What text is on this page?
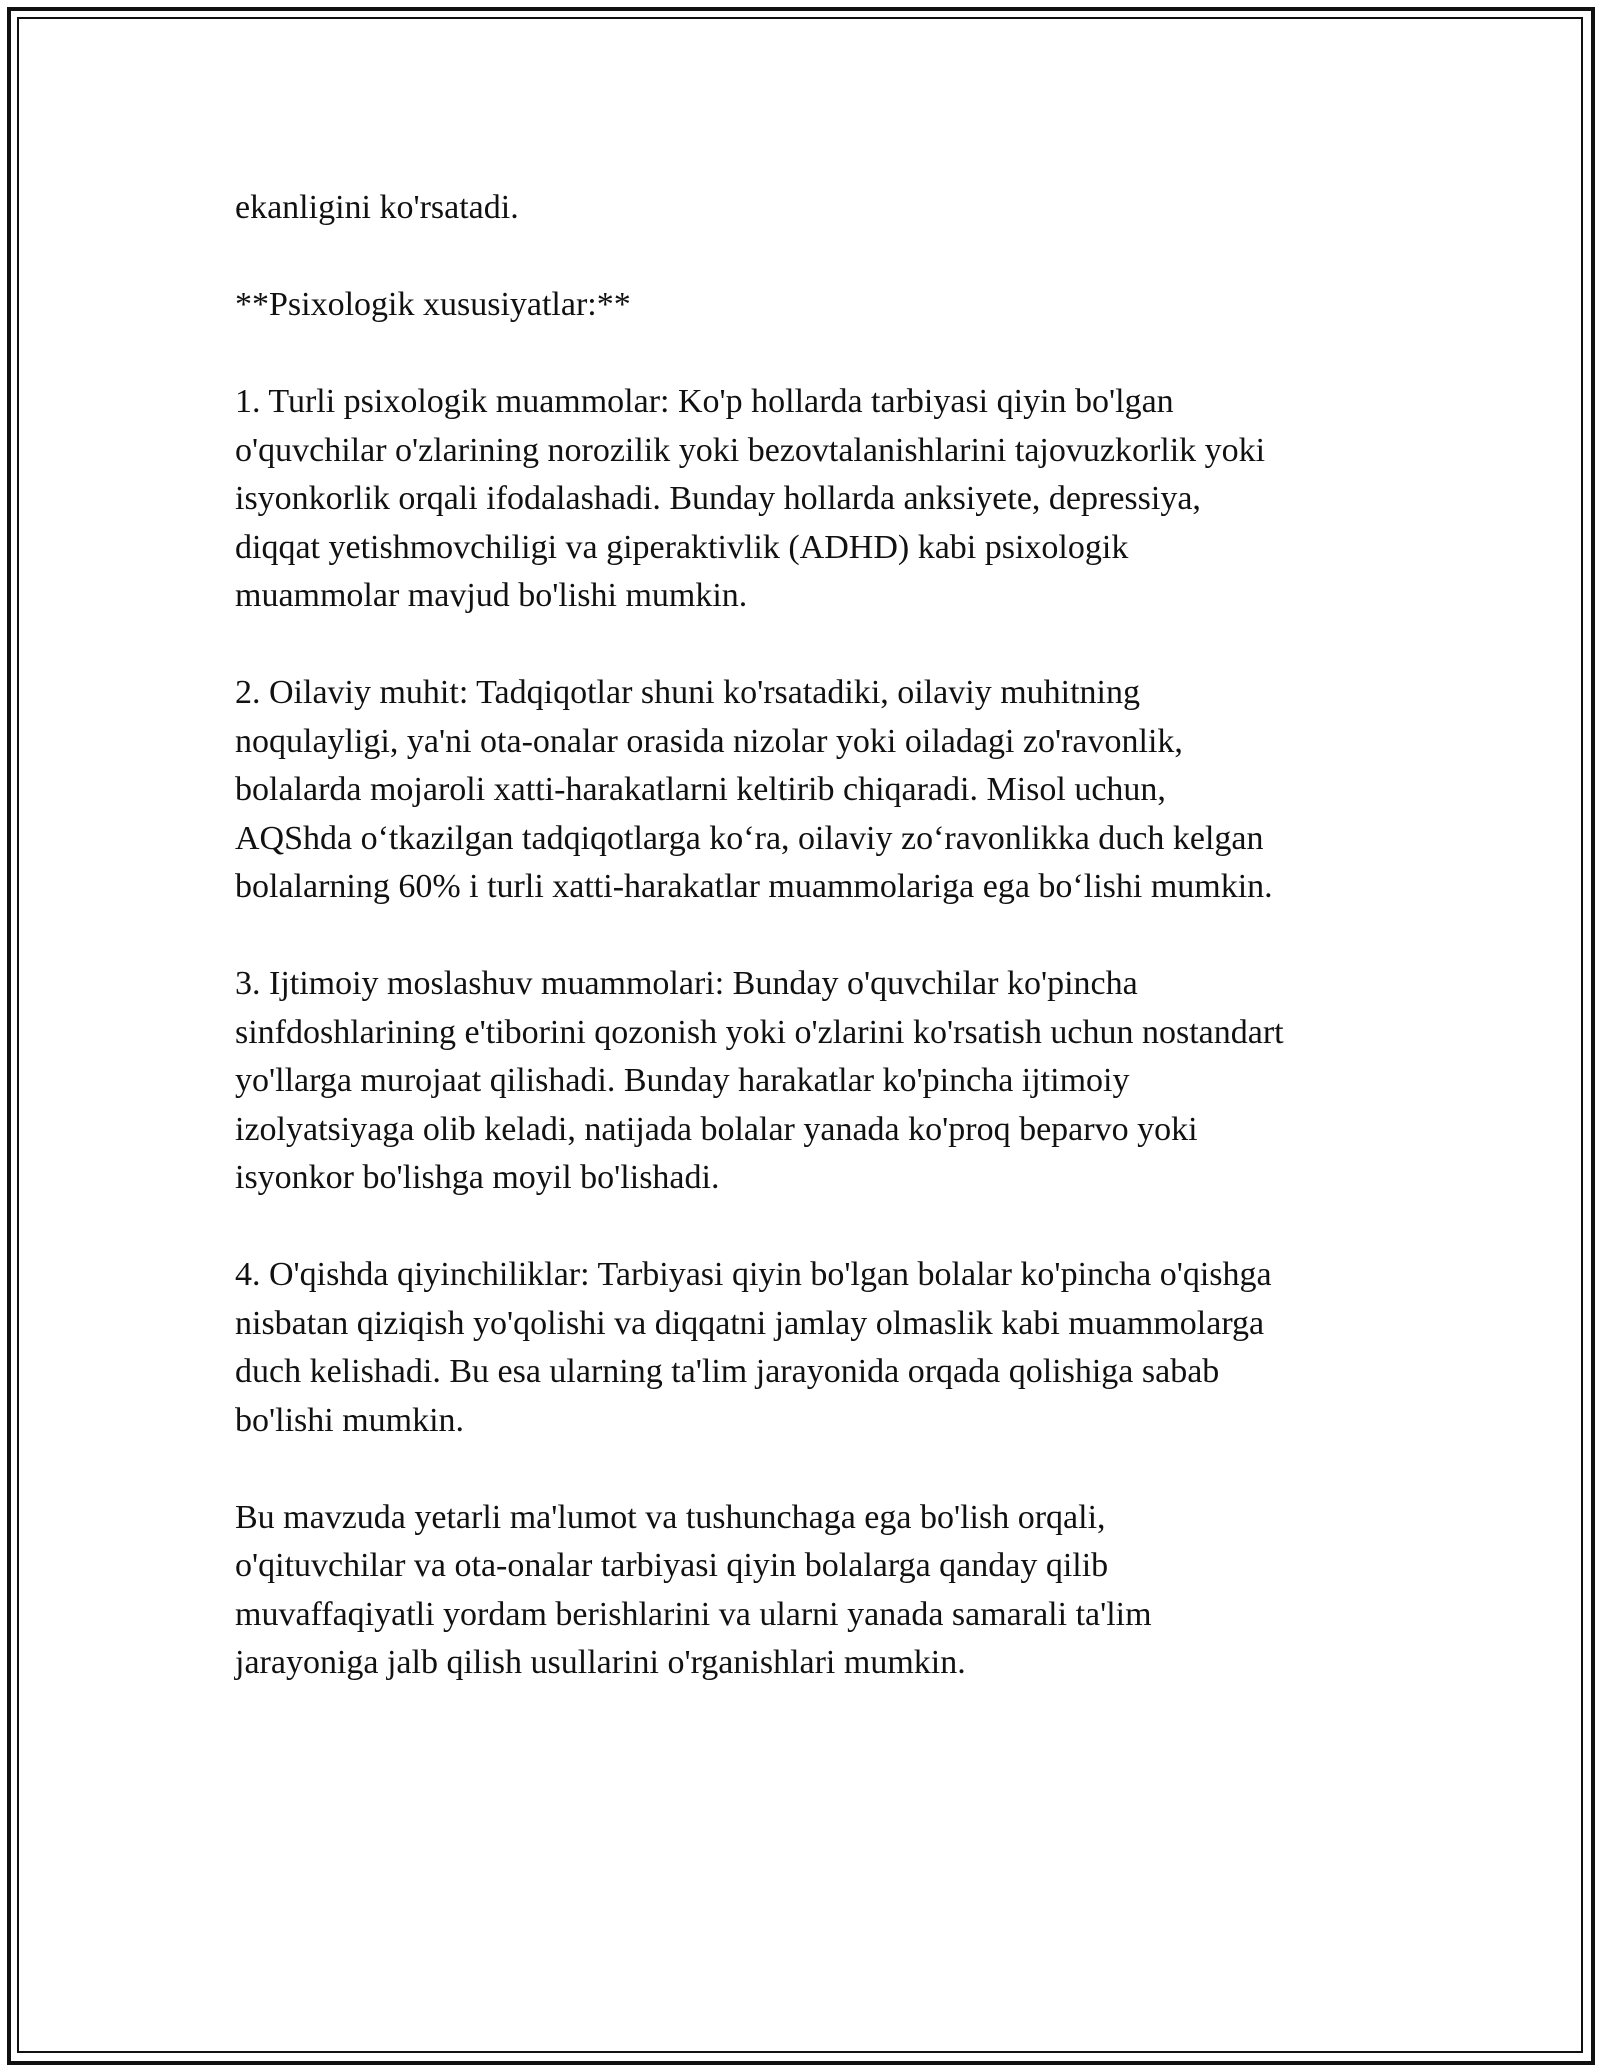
ekanligini ko'rsatadi.

**Psixologik xususiyatlar:**

1. Turli psixologik muammolar: Ko'p hollarda tarbiyasi qiyin bo'lgan
o'quvchilar o'zlarining norozilik yoki bezovtalanishlarini tajovuzkorlik yoki
isyonkorlik orqali ifodalashadi. Bunday hollarda anksiyete, depressiya,
diqqat yetishmovchiligi va giperaktivlik (ADHD) kabi psixologik
muammolar mavjud bo'lishi mumkin.

2. Oilaviy muhit: Tadqiqotlar shuni ko'rsatadiki, oilaviy muhitning
noqulayligi, ya'ni ota-onalar orasida nizolar yoki oiladagi zo'ravonlik,
bolalarda mojaroli xatti-harakatlarni keltirib chiqaradi. Misol uchun,
AQShda o‘tkazilgan tadqiqotlarga ko‘ra, oilaviy zo‘ravonlikka duch kelgan
bolalarning 60% i turli xatti-harakatlar muammolariga ega bo‘lishi mumkin.

3. Ijtimoiy moslashuv muammolari: Bunday o'quvchilar ko'pincha
sinfdoshlarining e'tiborini qozonish yoki o'zlarini ko'rsatish uchun nostandart
yo'llarga murojaat qilishadi. Bunday harakatlar ko'pincha ijtimoiy
izolyatsiyaga olib keladi, natijada bolalar yanada ko'proq beparvo yoki
isyonkor bo'lishga moyil bo'lishadi.

4. O'qishda qiyinchiliklar: Tarbiyasi qiyin bo'lgan bolalar ko'pincha o'qishga
nisbatan qiziqish yo'qolishi va diqqatni jamlay olmaslik kabi muammolarga
duch kelishadi. Bu esa ularning ta'lim jarayonida orqada qolishiga sabab
bo'lishi mumkin.

Bu mavzuda yetarli ma'lumot va tushunchaga ega bo'lish orqali,
o'qituvchilar va ota-onalar tarbiyasi qiyin bolalarga qanday qilib
muvaffaqiyatli yordam berishlarini va ularni yanada samarali ta'lim
jarayoniga jalb qilish usullarini o'rganishlari mumkin.
